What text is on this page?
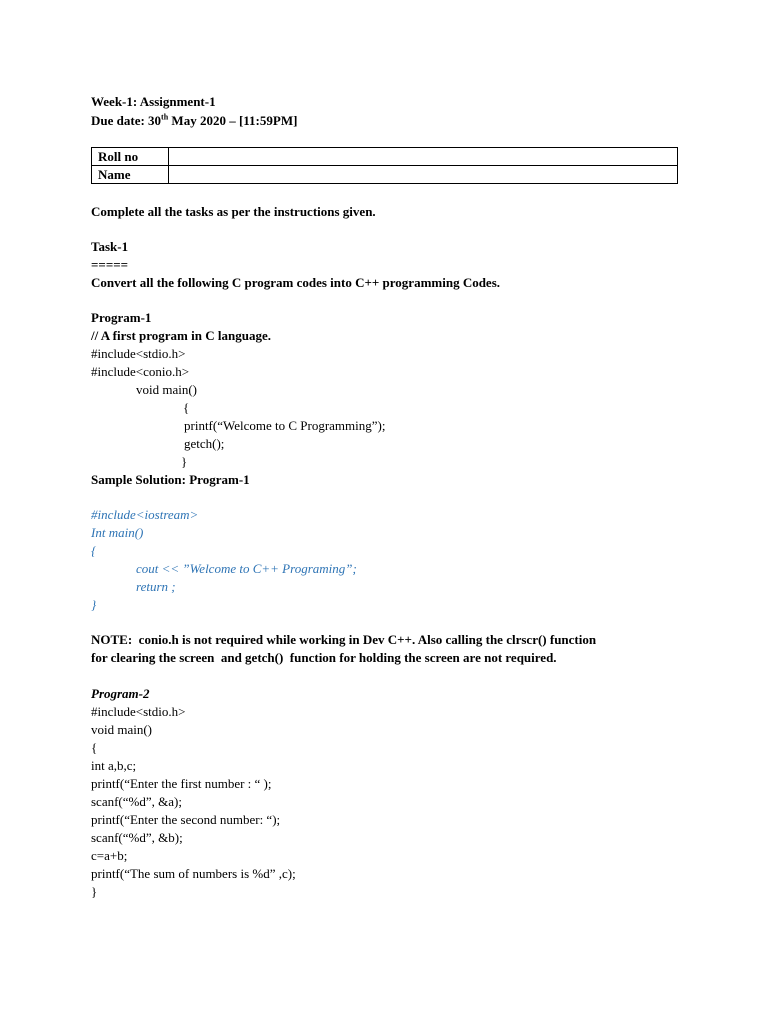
Week-1: Assignment-1
Due date: 30th May 2020 – [11:59PM]
Roll no	
Name	
Complete all the tasks as per the instructions given.
Task-1
=====
Convert all the following C program codes into C++ programming Codes.
Program-1
// A first program in C language.
#include<stdio.h>
#include<conio.h>
void main()
{
printf(“Welcome to C Programming”);
getch();
}
Sample Solution: Program-1
#include<iostream>
Int main()
{
cout << ”Welcome to C++ Programing”;
return ;
}
NOTE:  conio.h is not required while working in Dev C++. Also calling the clrscr() function
for clearing the screen  and getch()  function for holding the screen are not required.
Program-2
#include<stdio.h>
void main()
{
int a,b,c;
printf(“Enter the first number : “ );
scanf(“%d”, &a);
printf(“Enter the second number: “);
scanf(“%d”, &b);
c=a+b;
printf(“The sum of numbers is %d” ,c);
}
